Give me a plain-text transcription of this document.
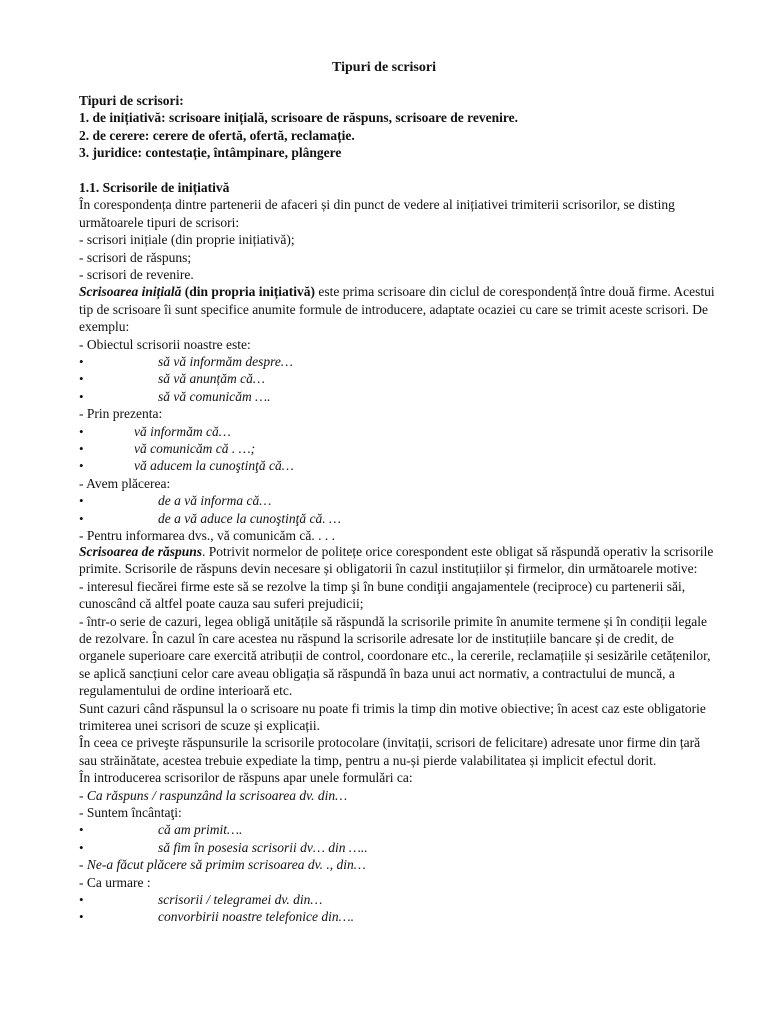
Tipuri de scrisori
Tipuri de scrisori:
1. de inițiativă: scrisoare inițială, scrisoare de răspuns, scrisoare de revenire.
2. de cerere: cerere de ofertă, ofertă, reclamație.
3. juridice: contestație, întâmpinare, plângere
1.1. Scrisorile de inițiativă
În corespondența dintre partenerii de afaceri și din punct de vedere al inițiativei trimiterii scrisorilor, se disting următoarele tipuri de scrisori:
- scrisori inițiale (din proprie inițiativă);
- scrisori de răspuns;
- scrisori de revenire.
Scrisoarea inițială (din propria inițiativă) este prima scrisoare din ciclul de corespondență între două firme. Acestui tip de scrisoare îi sunt specifice anumite formule de introducere, adaptate ocaziei cu care se trimit aceste scrisori. De exemplu:
- Obiectul scrisorii noastre este:
•	să vă informăm despre…
•	să vă anunțăm că…
•	să vă comunicăm ….
- Prin prezenta:
•	vă informăm că…
•	vă comunicăm că . …;
•	vă aducem la cunoştinţă că…
- Avem plăcerea:
•	de a vă informa că…
•	de a vă aduce la cunoştinţă că. …
- Pentru informarea dvs., vă comunicăm că. . . .
Scrisoarea de răspuns. Potrivit normelor de politețe orice corespondent este obligat să răspundă operativ la scrisorile primite. Scrisorile de răspuns devin necesare și obligatorii în cazul instituțiilor și firmelor, din următoarele motive:
- interesul fiecărei firme este să se rezolve la timp şi în bune condiţii angajamentele (reciproce) cu partenerii săi, cunoscând că altfel poate cauza sau suferi prejudicii;
- într-o serie de cazuri, legea obligă unitățile să răspundă la scrisorile primite în anumite termene și în condiții legale de rezolvare. În cazul în care acestea nu răspund la scrisorile adresate lor de instituțiile bancare și de credit, de organele superioare care exercită atribuții de control, coordonare etc., la cererile, reclamațiile și sesizările cetățenilor, se aplică sancțiuni celor care aveau obligația să răspundă în baza unui act normativ, a contractului de muncă, a regulamentului de ordine interioară etc.
Sunt cazuri când răspunsul la o scrisoare nu poate fi trimis la timp din motive obiective; în acest caz este obligatorie trimiterea unei scrisori de scuze și explicații.
În ceea ce priveşte răspunsurile la scrisorile protocolare (invitații, scrisori de felicitare) adresate unor firme din țară sau străinătate, acestea trebuie expediate la timp, pentru a nu-și pierde valabilitatea și implicit efectul dorit.
În introducerea scrisorilor de răspuns apar unele formulări ca:
- Ca răspuns / raspunzând la scrisoarea dv. din…
- Suntem încântaţi:
•	că am primit….
•	să fim în posesia scrisorii dv… din …..
- Ne-a făcut plăcere să primim scrisoarea dv. ., din…
- Ca urmare :
•	scrisorii / telegramei dv. din…
•	convorbirii noastre telefonice din….
